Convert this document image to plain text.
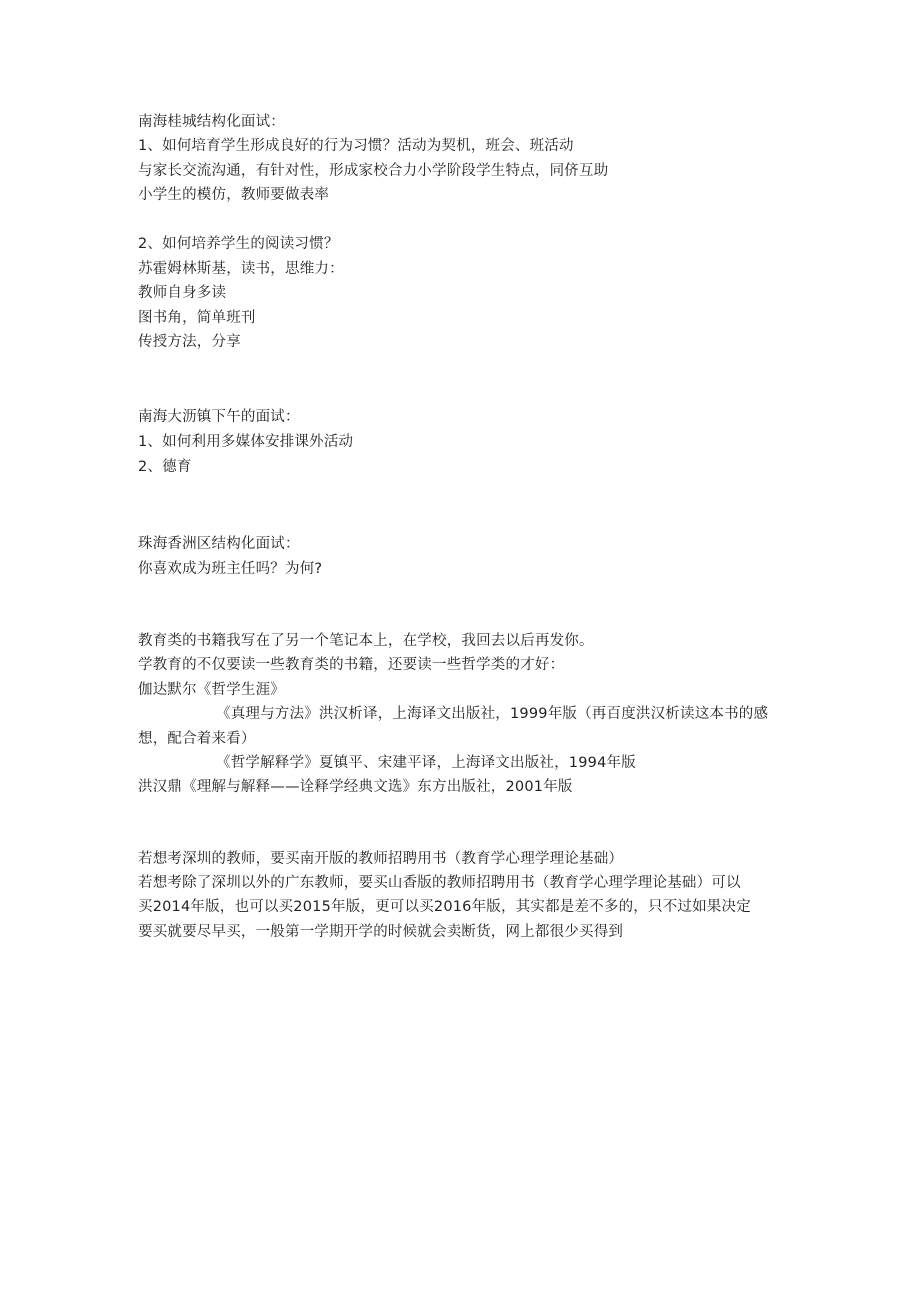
南海桂城结构化面试：
1、如何培育学生形成良好的行为习惯？活动为契机，班会、班活动
与家长交流沟通，有针对性，形成家校合力小学阶段学生特点，同侪互助
小学生的模仿，教师要做表率
2、如何培养学生的阅读习惯？
苏霍姆林斯基，读书，思维力：
教师自身多读
图书角，简单班刊
传授方法，分享
南海大沥镇下午的面试：
1、如何利用多媒体安排课外活动
2、德育
珠海香洲区结构化面试：
你喜欢成为班主任吗？为何?
教育类的书籍我写在了另一个笔记本上，在学校，我回去以后再发你。
学教育的不仅要读一些教育类的书籍，还要读一些哲学类的才好：
伽达默尔《哲学生涯》
《真理与方法》洪汉析译，上海译文出版社，1999年版（再百度洪汉析读这本书的感
想，配合着来看）
《哲学解释学》夏镇平、宋建平译，上海译文出版社，1994年版
洪汉鼎《理解与解释——诠释学经典文选》东方出版社，2001年版
若想考深圳的教师，要买南开版的教师招聘用书（教育学心理学理论基础）
若想考除了深圳以外的广东教师，要买山香版的教师招聘用书（教育学心理学理论基础）可以
买2014年版，也可以买2015年版，更可以买2016年版，其实都是差不多的，只不过如果决定
要买就要尽早买，一般第一学期开学的时候就会卖断货，网上都很少买得到
